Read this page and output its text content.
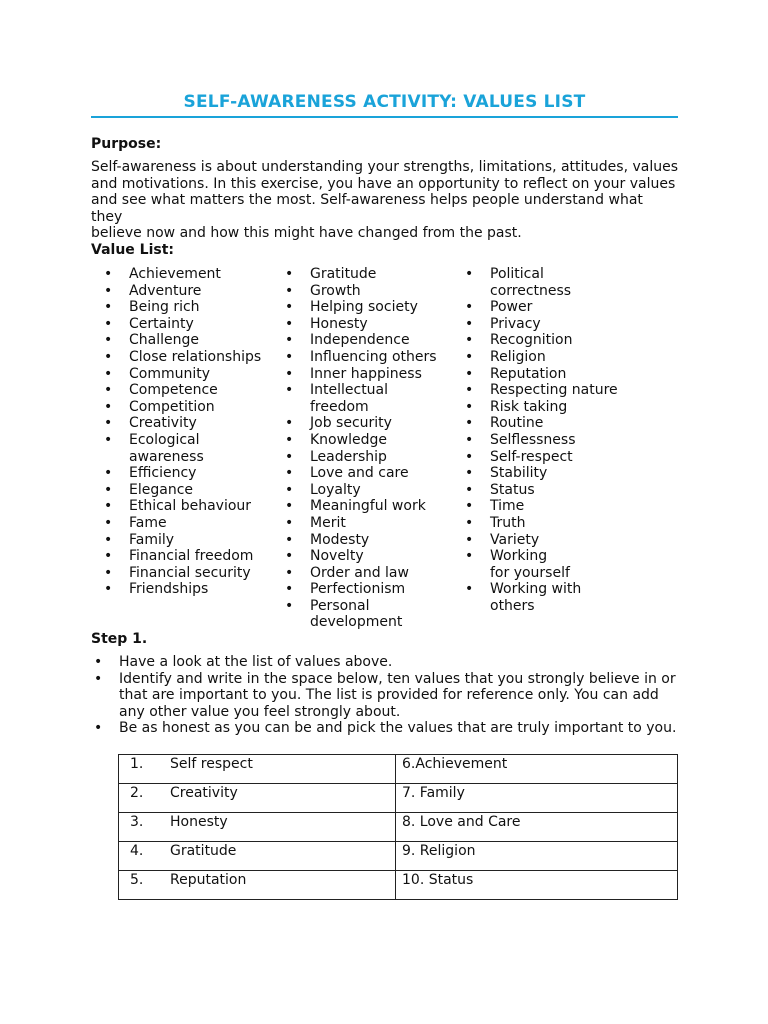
SELF-AWARENESS ACTIVITY: VALUES LIST
Purpose:
Self-awareness is about understanding your strengths, limitations, attitudes, values
and motivations. In this exercise, you have an opportunity to reflect on your values
and see what matters the most. Self-awareness helps people understand what they
believe now and how this might have changed from the past.
Value List:
• Achievement
• Adventure
• Being rich
• Certainty
• Challenge
• Close relationships
• Community
• Competence
• Competition
• Creativity
• Ecological awareness
• Efficiency
• Elegance
• Ethical behaviour
• Fame
• Family
• Financial freedom
• Financial security
• Friendships
• Gratitude
• Growth
• Helping society
• Honesty
• Independence
• Influencing others
• Inner happiness
• Intellectual freedom
• Job security
• Knowledge
• Leadership
• Love and care
• Loyalty
• Meaningful work
• Merit
• Modesty
• Novelty
• Order and law
• Perfectionism
• Personal development
• Political correctness
• Power
• Privacy
• Recognition
• Religion
• Reputation
• Respecting nature
• Risk taking
• Routine
• Selflessness
• Self-respect
• Stability
• Status
• Time
• Truth
• Variety
• Working for yourself
• Working with others
Step 1.
• Have a look at the list of values above.
• Identify and write in the space below, ten values that you strongly believe in or that are important to you. The list is provided for reference only. You can add any other value you feel strongly about.
• Be as honest as you can be and pick the values that are truly important to you.
1. Self respect	6.Achievement
2. Creativity	7. Family
3. Honesty	8. Love and Care
4. Gratitude	9. Religion
5. Reputation	10. Status
